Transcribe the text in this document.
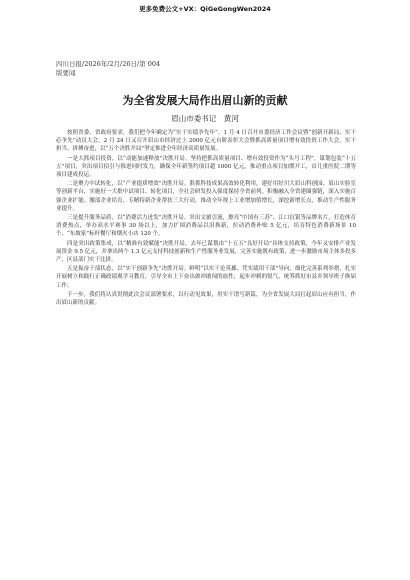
更多免费公文+VX：QiGeGongWen2024
四川日报/2026年/2月/26日/第 004
版要闻
为全省发展大局作出眉山新的贡献
眉山市委书记　黄河

按照省委、省政府要求，我们把今年确定为“实干实绩争先年”。1 月 4 日召开市委经济工作会议暨“创新开新局、实干必争先”动员大会，2 月 24 日又召开眉山市经济过上 2000 亿元台阶表彰大会暨抓高质量项目增有效投资工作大会，实干担当、拼搏奋进，以“五个决胜开局”坚定推进全年经济高质量发展。

一是大抓项目投资，以“动能加速释放”决胜开局。坚持把抓高质量项目、增有效投资作为“头号工程”，谋划包装“十五五”项目，突出项目招引与推进同时发力，确保全年新签约项目超 1000 亿元，推动重点项目加期开工，首几重医院二期等项目建成投运。

二是聚力中试转化，以“产业提质增效”决胜开局。狠抓科技成果高效转化利用，建好用好川大眉山科创园、眉山实验室等创新平台，实施好一大批中试项目、转化项目，全社会研发投入强度保持全省前列。积极融入全省建圈强链，深入实施百强企业扩能、腰部企业培育、专精特新企业帮扶三大行动，推动全年规上工业增加值增长，深挖新增长点，推动生产性服务业提升。

三是提升服务品质，以“消费活力迸发”决胜开局。突出文旅引流，擦亮“中国有三苏”、江口沉银等品牌名片，打造体育消费热点，举办高水平赛事 30 场以上，加力扩围消费品以旧换新，拉动消费补贴 5 亿元，培育特色消费新场景 10 个、“东坡家”标杆餐厅和烟火小店 120 个。

四是突出政策集成，以“精准有效赋能”决胜开局。去年已谋划由“十五五”良好开局”具体支持政策，今年又安排产业发展资金 9.5 亿元，并拿出两个 1.3 亿元支持科技创新和生产性服务业发展，完善实施既有政策，进一步激励市场主体多投多产，区县部门实干比拼。

五是振奋干部状态，以“实干创新争先”决胜开局。鲜明“以实干论英雄、凭实绩用干部”导向，细化完善系列举措，扎实开展树立和践行正确政绩观学习教育，引导全市上下奋出敢冲敢闯的血性，起步冲刺的锐气，统筹抓好市县乡领导班子换届工作。

下一步，我们将认真贯彻此次会议部署要求，以行动见效果，用实干谱写新篇，为全省发展大局扛起眉山应有担当，作出眉山新的贡献。
